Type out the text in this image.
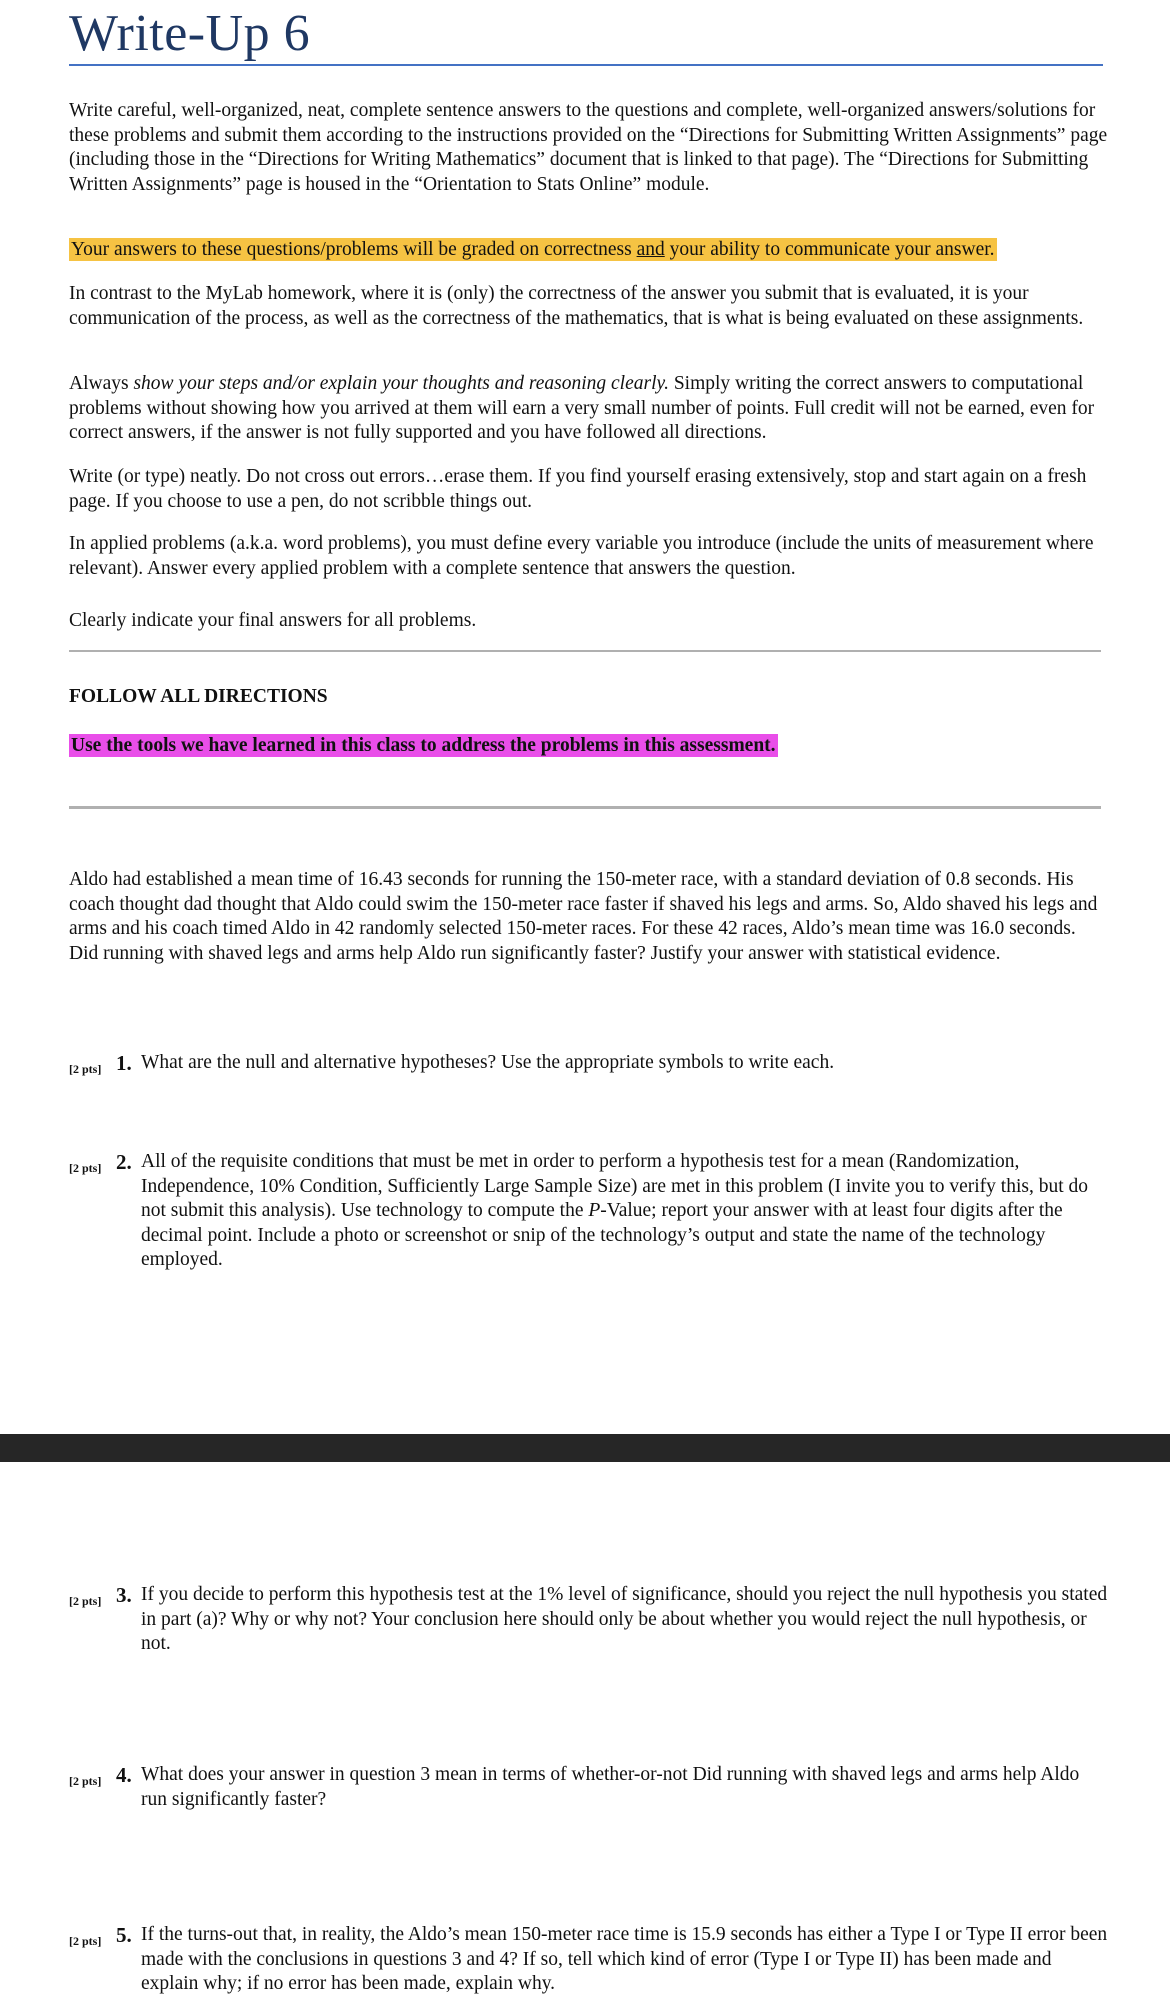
Write-Up 6

Write careful, well-organized, neat, complete sentence answers to the questions and complete, well-organized answers/solutions for these problems and submit them according to the instructions provided on the “Directions for Submitting Written Assignments” page (including those in the “Directions for Writing Mathematics” document that is linked to that page). The “Directions for Submitting Written Assignments” page is housed in the “Orientation to Stats Online” module.

Your answers to these questions/problems will be graded on correctness and your ability to communicate your answer.

In contrast to the MyLab homework, where it is (only) the correctness of the answer you submit that is evaluated, it is your communication of the process, as well as the correctness of the mathematics, that is what is being evaluated on these assignments.

Always show your steps and/or explain your thoughts and reasoning clearly. Simply writing the correct answers to computational problems without showing how you arrived at them will earn a very small number of points. Full credit will not be earned, even for correct answers, if the answer is not fully supported and you have followed all directions.

Write (or type) neatly. Do not cross out errors…erase them. If you find yourself erasing extensively, stop and start again on a fresh page. If you choose to use a pen, do not scribble things out.

In applied problems (a.k.a. word problems), you must define every variable you introduce (include the units of measurement where relevant). Answer every applied problem with a complete sentence that answers the question.

Clearly indicate your final answers for all problems.

FOLLOW ALL DIRECTIONS

Use the tools we have learned in this class to address the problems in this assessment.

Aldo had established a mean time of 16.43 seconds for running the 150-meter race, with a standard deviation of 0.8 seconds. His coach thought dad thought that Aldo could swim the 150-meter race faster if shaved his legs and arms. So, Aldo shaved his legs and arms and his coach timed Aldo in 42 randomly selected 150-meter races. For these 42 races, Aldo’s mean time was 16.0 seconds. Did running with shaved legs and arms help Aldo run significantly faster? Justify your answer with statistical evidence.

[2 pts] 1. What are the null and alternative hypotheses? Use the appropriate symbols to write each.
[2 pts] 2. All of the requisite conditions that must be met in order to perform a hypothesis test for a mean (Randomization, Independence, 10% Condition, Sufficiently Large Sample Size) are met in this problem (I invite you to verify this, but do not submit this analysis). Use technology to compute the P-Value; report your answer with at least four digits after the decimal point. Include a photo or screenshot or snip of the technology’s output and state the name of the technology employed.
[2 pts] 3. If you decide to perform this hypothesis test at the 1% level of significance, should you reject the null hypothesis you stated in part (a)? Why or why not? Your conclusion here should only be about whether you would reject the null hypothesis, or not.
[2 pts] 4. What does your answer in question 3 mean in terms of whether-or-not Did running with shaved legs and arms help Aldo run significantly faster?
[2 pts] 5. If the turns-out that, in reality, the Aldo’s mean 150-meter race time is 15.9 seconds has either a Type I or Type II error been made with the conclusions in questions 3 and 4? If so, tell which kind of error (Type I or Type II) has been made and explain why; if no error has been made, explain why.
